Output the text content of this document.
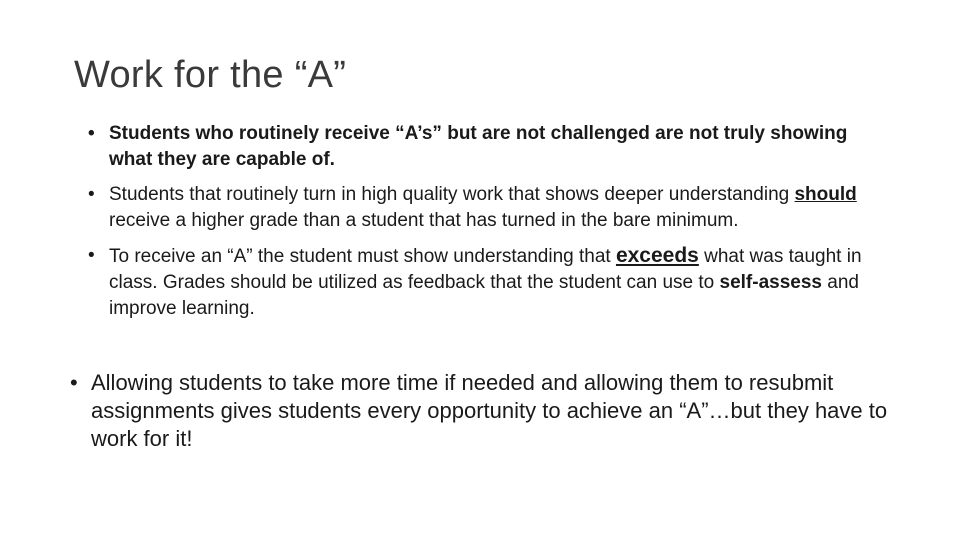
Work for the “A”
• Students who routinely receive “A’s” but are not challenged are not truly showing what they are capable of.
• Students that routinely turn in high quality work that shows deeper understanding should receive a higher grade than a student that has turned in the bare minimum.
• To receive an “A” the student must show understanding that exceeds what was taught in class. Grades should be utilized as feedback that the student can use to self-assess and improve learning.
• Allowing students to take more time if needed and allowing them to resubmit assignments gives students every opportunity to achieve an “A”…but they have to work for it!
